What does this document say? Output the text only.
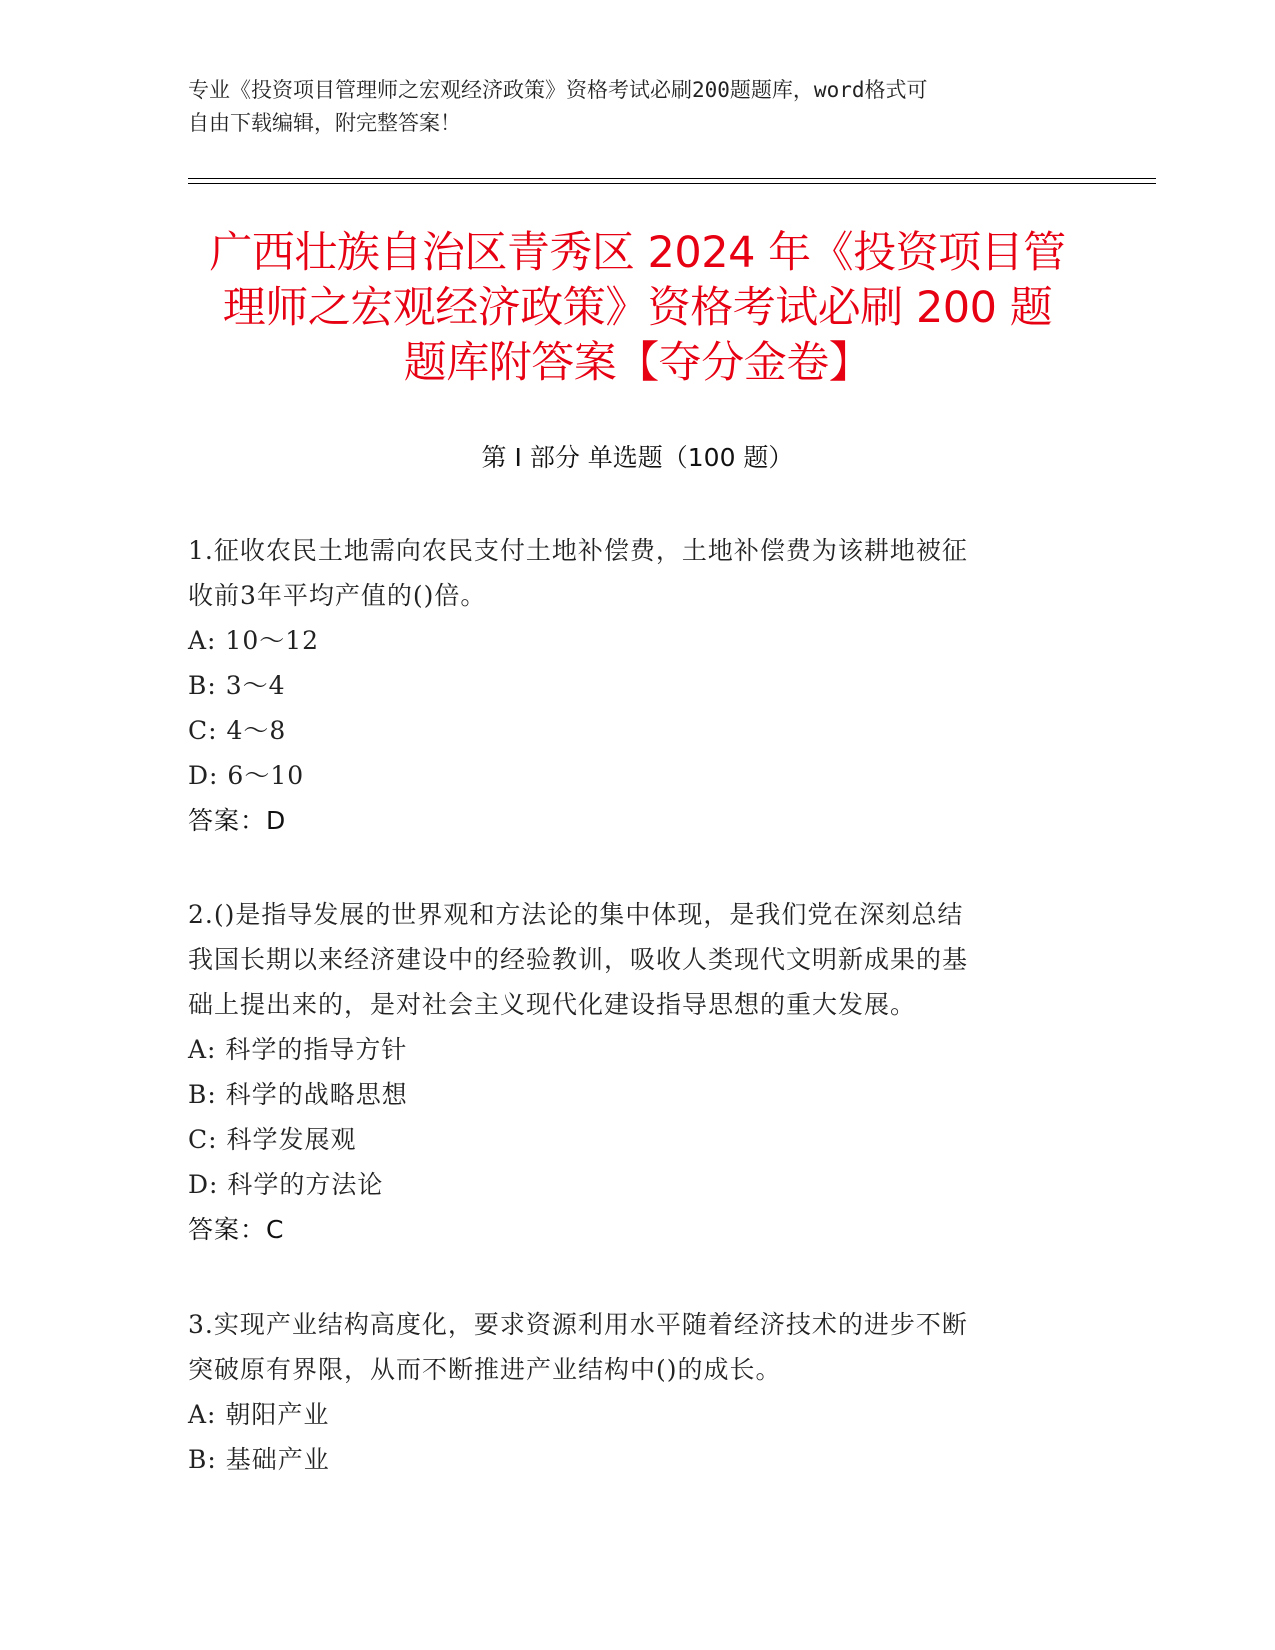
专业《投资项目管理师之宏观经济政策》资格考试必刷200题题库，word格式可
自由下载编辑，附完整答案！
广西壮族自治区青秀区 2024 年《投资项目管
理师之宏观经济政策》资格考试必刷 200 题
题库附答案【夺分金卷】
第 I 部分 单选题（100 题）

1.征收农民土地需向农民支付土地补偿费，土地补偿费为该耕地被征

收前3年平均产值的()倍。

A: 10～12

B: 3～4

C: 4～8

D: 6～10

答案：D

2.()是指导发展的世界观和方法论的集中体现，是我们党在深刻总结

我国长期以来经济建设中的经验教训，吸收人类现代文明新成果的基

础上提出来的，是对社会主义现代化建设指导思想的重大发展。

A: 科学的指导方针

B: 科学的战略思想

C: 科学发展观

D: 科学的方法论

答案：C

3.实现产业结构高度化，要求资源利用水平随着经济技术的进步不断

突破原有界限，从而不断推进产业结构中()的成长。

A: 朝阳产业

B: 基础产业
